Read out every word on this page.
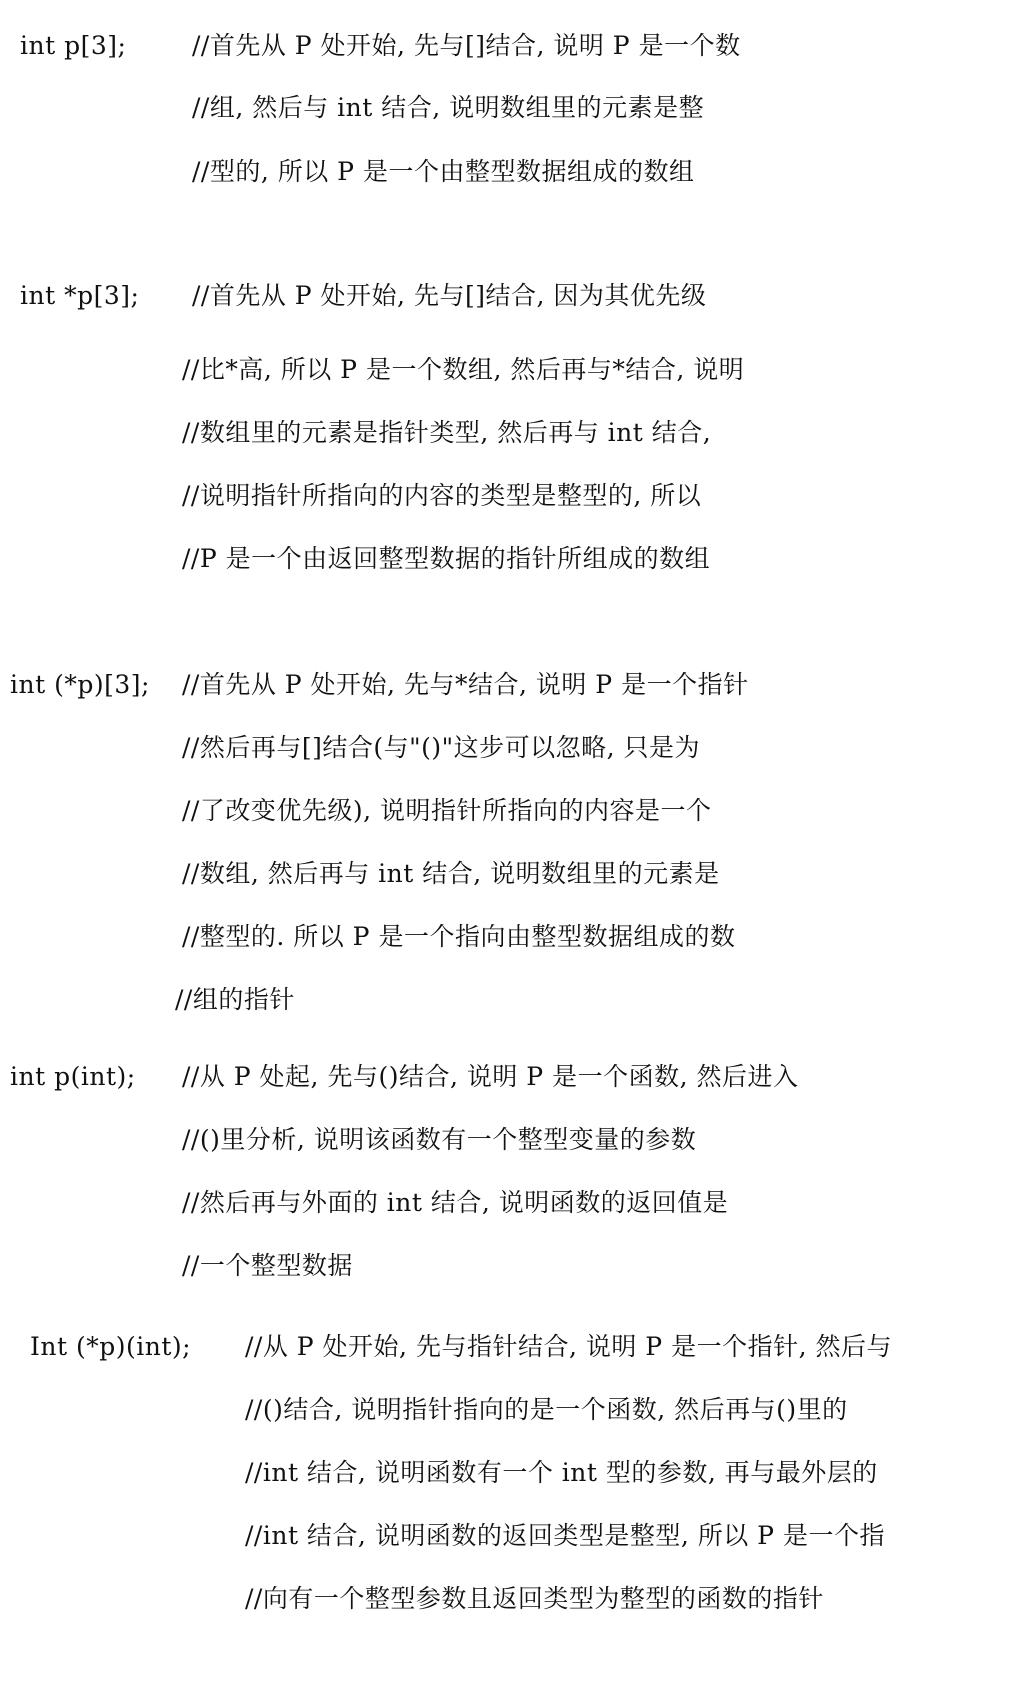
int p[3];	//首先从 P 处开始, 先与[]结合, 说明 P 是一个数
//组, 然后与 int 结合, 说明数组里的元素是整
//型的, 所以 P 是一个由整型数据组成的数组
int *p[3]; //首先从 P 处开始, 先与[]结合, 因为其优先级
//比*高, 所以 P 是一个数组, 然后再与*结合, 说明
//数组里的元素是指针类型, 然后再与 int 结合,
//说明指针所指向的内容的类型是整型的, 所以
//P 是一个由返回整型数据的指针所组成的数组
int (*p)[3]; //首先从 P 处开始, 先与*结合, 说明 P 是一个指针
//然后再与[]结合(与"()"这步可以忽略, 只是为
//了改变优先级), 说明指针所指向的内容是一个
//数组, 然后再与 int 结合, 说明数组里的元素是
//整型的. 所以 P 是一个指向由整型数据组成的数
//组的指针
int p(int); //从 P 处起, 先与()结合, 说明 P 是一个函数, 然后进入
//()里分析, 说明该函数有一个整型变量的参数
//然后再与外面的 int 结合, 说明函数的返回值是
//一个整型数据
Int (*p)(int); //从 P 处开始, 先与指针结合, 说明 P 是一个指针, 然后与
//()结合, 说明指针指向的是一个函数, 然后再与()里的
//int 结合, 说明函数有一个 int 型的参数, 再与最外层的
//int 结合, 说明函数的返回类型是整型, 所以 P 是一个指
//向有一个整型参数且返回类型为整型的函数的指针
